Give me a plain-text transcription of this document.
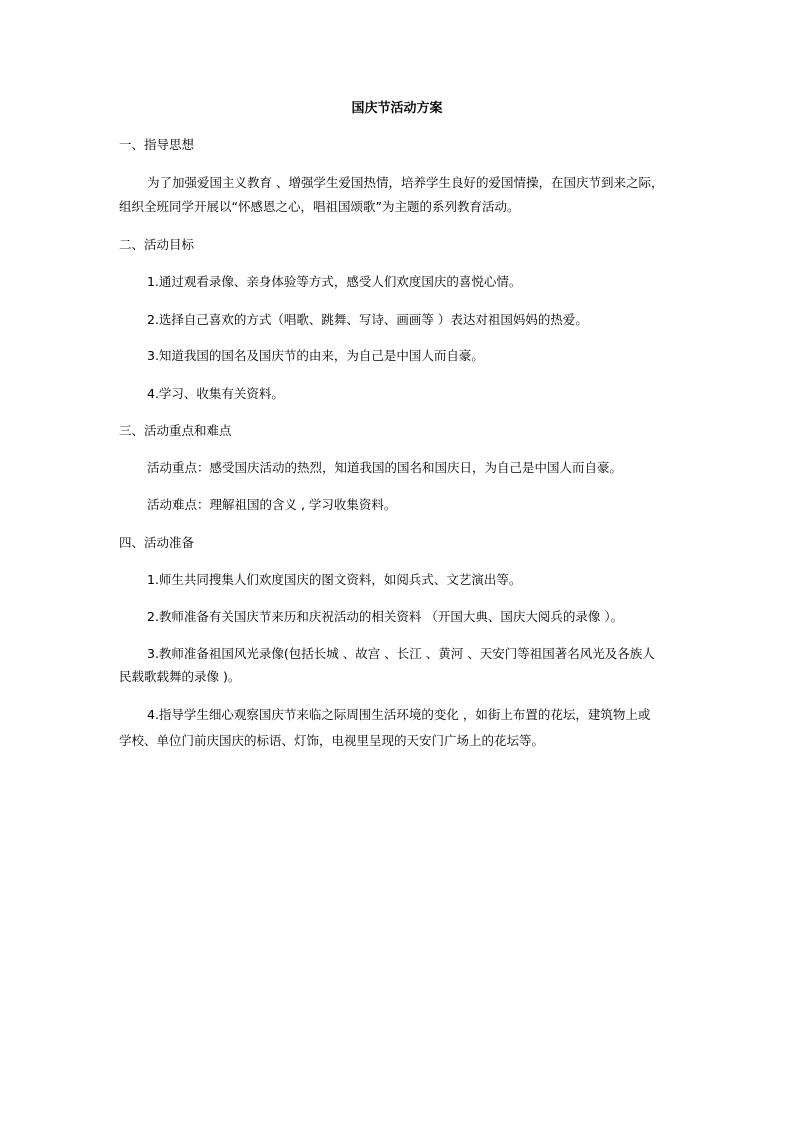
国庆节活动方案
一、指导思想
为了加强爱国主义教育 、增强学生爱国热情，培养学生良好的爱国情操，在国庆节到来之际，
组织全班同学开展以“怀感恩之心，唱祖国颂歌”为主题的系列教育活动。
二、活动目标
1.通过观看录像、亲身体验等方式，感受人们欢度国庆的喜悦心情。
2.选择自己喜欢的方式（唱歌、跳舞、写诗、画画等 ）表达对祖国妈妈的热爱。
3.知道我国的国名及国庆节的由来，为自己是中国人而自豪。
4.学习、收集有关资料。
三、活动重点和难点
活动重点：感受国庆活动的热烈，知道我国的国名和国庆日，为自己是中国人而自豪。
活动难点：理解祖国的含义 , 学习收集资料。
四、活动准备
1.师生共同搜集人们欢度国庆的图文资料，如阅兵式、文艺演出等。
2.教师准备有关国庆节来历和庆祝活动的相关资料 （开国大典、国庆大阅兵的录像 ）。
3.教师准备祖国风光录像(包括长城 、故宫 、长江 、黄河 、天安门等祖国著名风光及各族人
民载歌载舞的录像 )。
4.指导学生细心观察国庆节来临之际周围生活环境的变化 ，如街上布置的花坛，建筑物上或
学校、单位门前庆国庆的标语、灯饰，电视里呈现的天安门广场上的花坛等。
